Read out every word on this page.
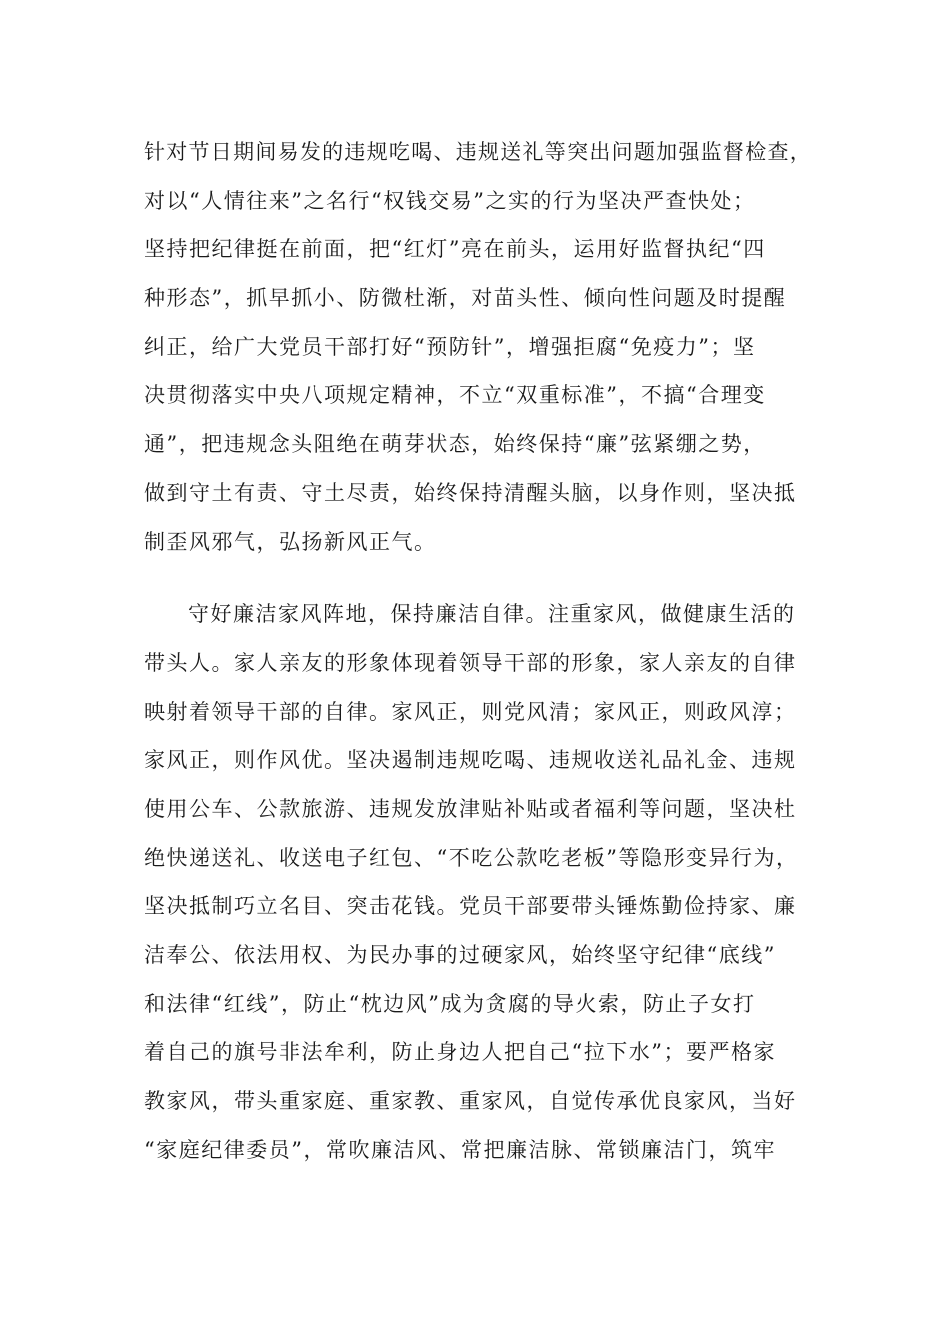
针对节日期间易发的违规吃喝、违规送礼等突出问题加强监督检查，
对以“人情往来”之名行“权钱交易”之实的行为坚决严查快处；
坚持把纪律挺在前面，把“红灯”亮在前头，运用好监督执纪“四
种形态”，抓早抓小、防微杜渐，对苗头性、倾向性问题及时提醒
纠正，给广大党员干部打好“预防针”，增强拒腐“免疫力”；坚
决贯彻落实中央八项规定精神，不立“双重标准”，不搞“合理变
通”，把违规念头阻绝在萌芽状态，始终保持“廉”弦紧绷之势，
做到守土有责、守土尽责，始终保持清醒头脑，以身作则，坚决抵
制歪风邪气，弘扬新风正气。
守好廉洁家风阵地，保持廉洁自律。注重家风，做健康生活的
带头人。家人亲友的形象体现着领导干部的形象，家人亲友的自律
映射着领导干部的自律。家风正，则党风清；家风正，则政风淳；
家风正，则作风优。坚决遏制违规吃喝、违规收送礼品礼金、违规
使用公车、公款旅游、违规发放津贴补贴或者福利等问题，坚决杜
绝快递送礼、收送电子红包、“不吃公款吃老板”等隐形变异行为，
坚决抵制巧立名目、突击花钱。党员干部要带头锤炼勤俭持家、廉
洁奉公、依法用权、为民办事的过硬家风，始终坚守纪律“底线”
和法律“红线”，防止“枕边风”成为贪腐的导火索，防止子女打
着自己的旗号非法牟利，防止身边人把自己“拉下水”；要严格家
教家风，带头重家庭、重家教、重家风，自觉传承优良家风，当好
“家庭纪律委员”，常吹廉洁风、常把廉洁脉、常锁廉洁门，筑牢
